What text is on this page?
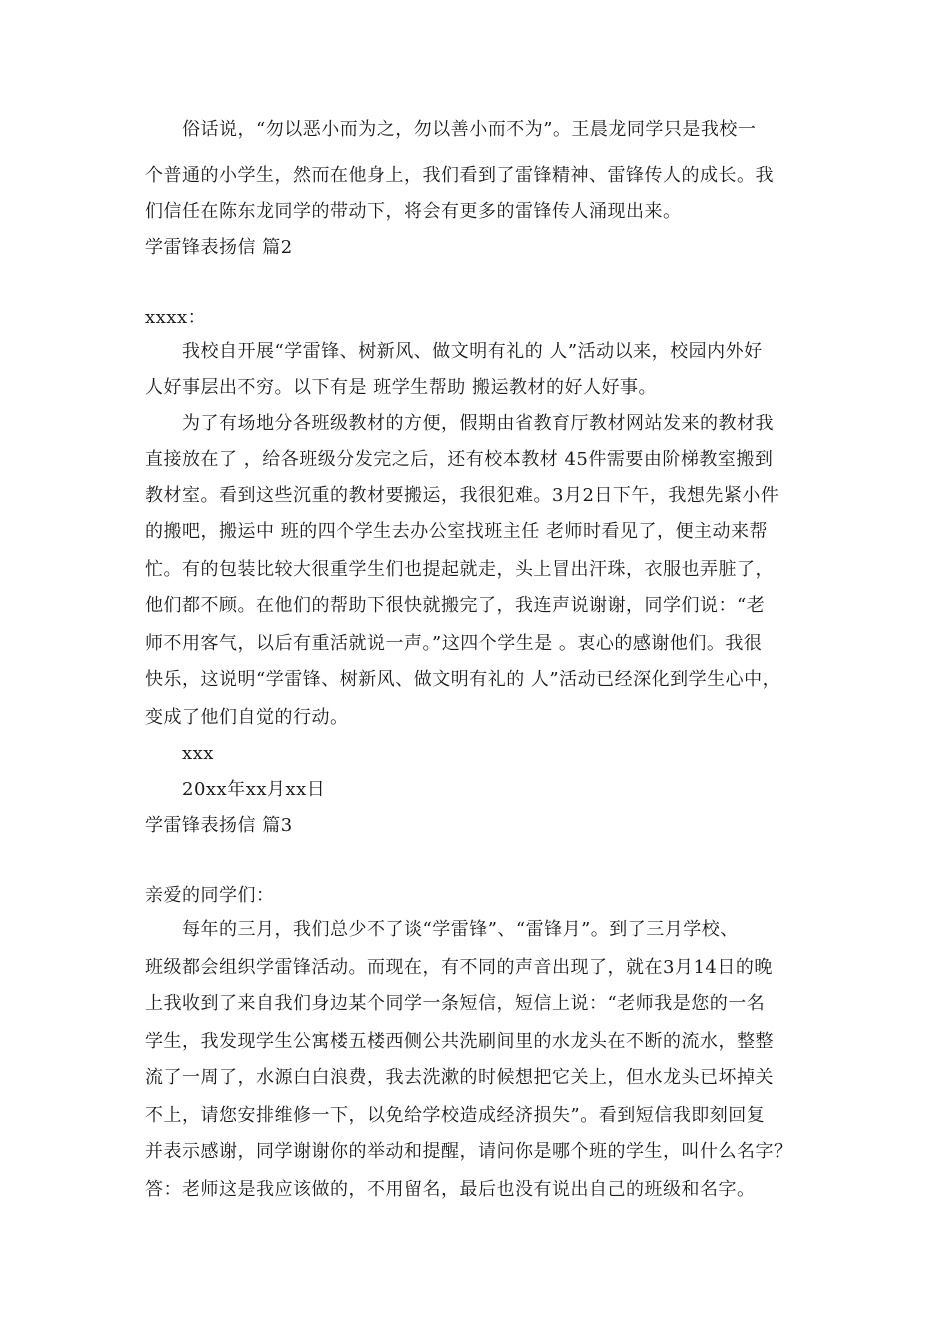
俗话说，“勿以恶小而为之，勿以善小而不为”。王晨龙同学只是我校一
个普通的小学生，然而在他身上，我们看到了雷锋精神、雷锋传人的成长。我
们信任在陈东龙同学的带动下，将会有更多的雷锋传人涌现出来。
学雷锋表扬信 篇2
xxxx：
我校自开展“学雷锋、树新风、做文明有礼的 人”活动以来，校园内外好
人好事层出不穷。以下有是 班学生帮助 搬运教材的好人好事。
为了有场地分各班级教材的方便，假期由省教育厅教材网站发来的教材我
直接放在了 ，给各班级分发完之后，还有校本教材 45件需要由阶梯教室搬到
教材室。看到这些沉重的教材要搬运，我很犯难。3月2日下午，我想先紧小件
的搬吧，搬运中 班的四个学生去办公室找班主任 老师时看见了，便主动来帮
忙。有的包装比较大很重学生们也提起就走，头上冒出汗珠，衣服也弄脏了，
他们都不顾。在他们的帮助下很快就搬完了，我连声说谢谢，同学们说：“老
师不用客气，以后有重活就说一声。”这四个学生是 。衷心的感谢他们。我很
快乐，这说明“学雷锋、树新风、做文明有礼的 人”活动已经深化到学生心中，
变成了他们自觉的行动。
xxx
20xx年xx月xx日
学雷锋表扬信 篇3
亲爱的同学们：
每年的三月，我们总少不了谈“学雷锋”、“雷锋月”。到了三月学校、
班级都会组织学雷锋活动。而现在，有不同的声音出现了，就在3月14日的晚
上我收到了来自我们身边某个同学一条短信，短信上说：“老师我是您的一名
学生，我发现学生公寓楼五楼西侧公共洗刷间里的水龙头在不断的流水，整整
流了一周了，水源白白浪费，我去洗漱的时候想把它关上，但水龙头已坏掉关
不上，请您安排维修一下，以免给学校造成经济损失”。看到短信我即刻回复
并表示感谢，同学谢谢你的举动和提醒，请问你是哪个班的学生，叫什么名字？
答：老师这是我应该做的，不用留名，最后也没有说出自己的班级和名字。
